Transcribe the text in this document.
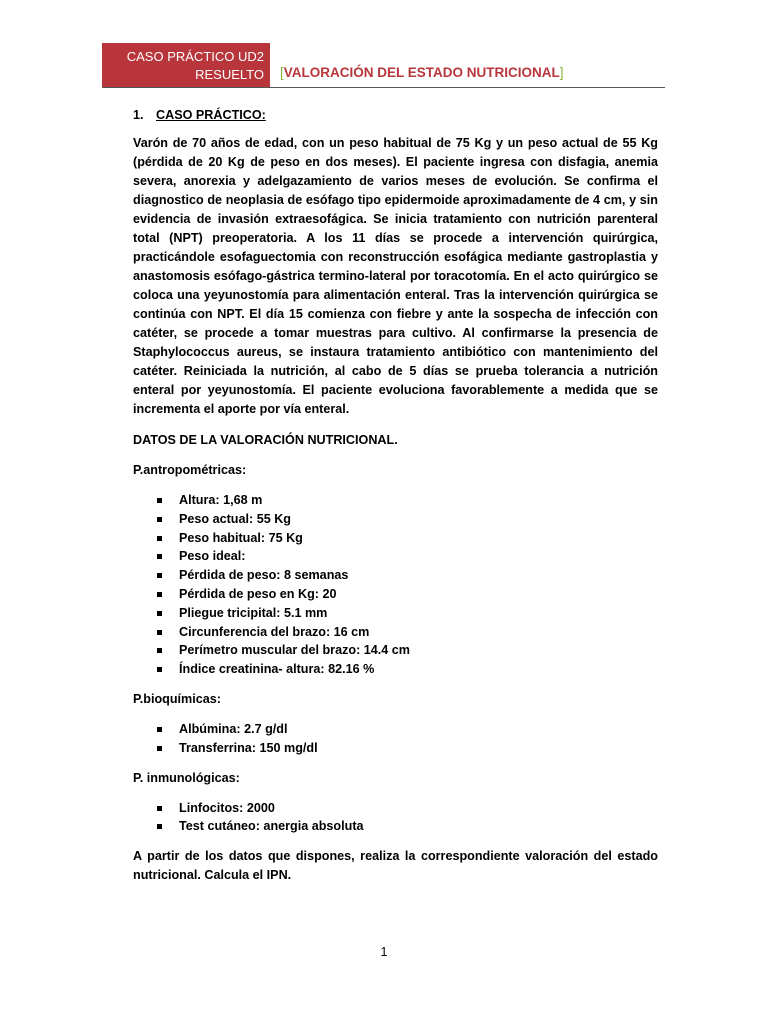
CASO PRÁCTICO UD2
RESUELTO [VALORACIÓN DEL ESTADO NUTRICIONAL]
1. CASO PRÁCTICO:

Varón de 70 años de edad, con un peso habitual de 75 Kg y un peso actual de 55 Kg (pérdida de 20 Kg de peso en dos meses). El paciente ingresa con disfagia, anemia severa, anorexia y adelgazamiento de varios meses de evolución. Se confirma el diagnostico de neoplasia de esófago tipo epidermoide aproximadamente de 4 cm, y sin evidencia de invasión extraesofágica. Se inicia tratamiento con nutrición parenteral total (NPT) preoperatoria. A los 11 días se procede a intervención quirúrgica, practicándole esofaguectomia con reconstrucción esofágica mediante gastroplastia y anastomosis esófago-gástrica termino-lateral por toracotomía. En el acto quirúrgico se coloca una yeyunostomía para alimentación enteral. Tras la intervención quirúrgica se continúa con NPT. El día 15 comienza con fiebre y ante la sospecha de infección con catéter, se procede a tomar muestras para cultivo. Al confirmarse la presencia de Staphylococcus aureus, se instaura tratamiento antibiótico con mantenimiento del catéter. Reiniciada la nutrición, al cabo de 5 días se prueba tolerancia a nutrición enteral por yeyunostomía. El paciente evoluciona favorablemente a medida que se incrementa el aporte por vía enteral.

DATOS DE LA VALORACIÓN NUTRICIONAL.

P.antropométricas:

Altura: 1,68 m
Peso actual: 55 Kg
Peso habitual: 75 Kg
Peso ideal:
Pérdida de peso: 8 semanas
Pérdida de peso en Kg: 20
Pliegue tricipital: 5.1 mm
Circunferencia del brazo: 16 cm
Perímetro muscular del brazo: 14.4 cm
Índice creatinina- altura: 82.16 %

P.bioquímicas:

Albúmina: 2.7 g/dl
Transferrina: 150 mg/dl

P. inmunológicas:

Linfocitos: 2000
Test cutáneo: anergia absoluta

A partir de los datos que dispones, realiza la correspondiente valoración del estado nutricional. Calcula el IPN.

1
